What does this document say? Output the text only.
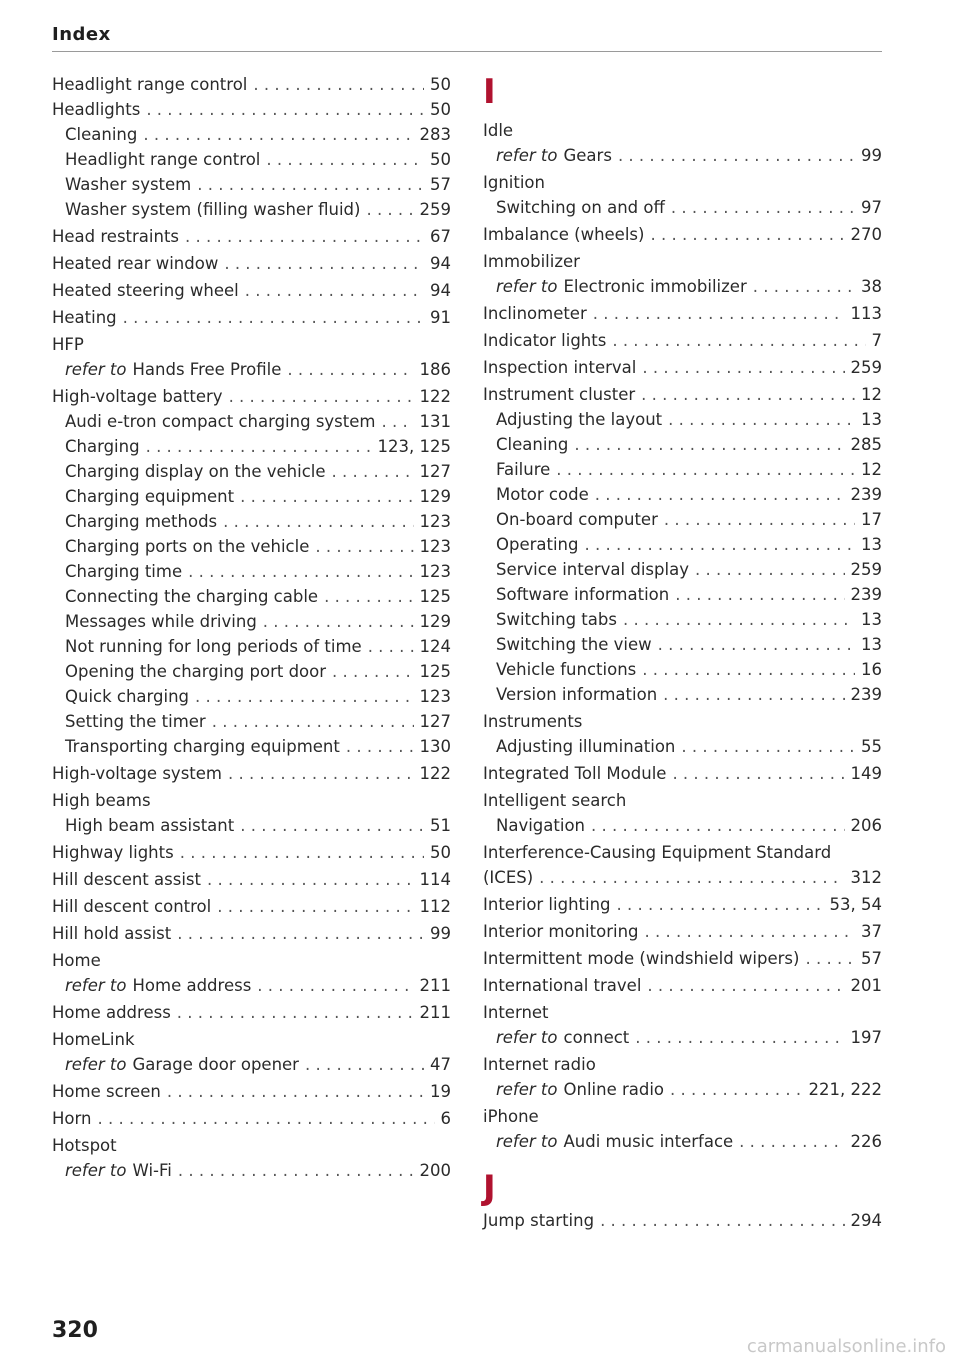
Index
Headlight range control . . .	50
Headlights . . .	50
Cleaning . . .	283
Headlight range control . . .	50
Washer system . . .	57
Washer system (filling washer fluid) . . .	259
Head restraints . . .	67
Heated rear window . . .	94
Heated steering wheel . . .	94
Heating . . .	91
HFP
refer to Hands Free Profile . . .	186
High-voltage battery . . .	122
Audi e-tron compact charging system . . .	131
Charging . . .	123, 125
Charging display on the vehicle . . .	127
Charging equipment . . .	129
Charging methods . . .	123
Charging ports on the vehicle . . .	123
Charging time . . .	123
Connecting the charging cable . . .	125
Messages while driving . . .	129
Not running for long periods of time . . .	124
Opening the charging port door . . .	125
Quick charging . . .	123
Setting the timer . . .	127
Transporting charging equipment . . .	130
High-voltage system . . .	122
High beams
High beam assistant . . .	51
Highway lights . . .	50
Hill descent assist . . .	114
Hill descent control . . .	112
Hill hold assist . . .	99
Home
refer to Home address . . .	211
Home address . . .	211
HomeLink
refer to Garage door opener . . .	47
Home screen . . .	19
Horn . . .	6
Hotspot
refer to Wi-Fi . . .	200
I
Idle
refer to Gears . . .	99
Ignition
Switching on and off . . .	97
Imbalance (wheels) . . .	270
Immobilizer
refer to Electronic immobilizer . . .	38
Inclinometer . . .	113
Indicator lights . . .	7
Inspection interval . . .	259
Instrument cluster . . .	12
Adjusting the layout . . .	13
Cleaning . . .	285
Failure . . .	12
Motor code . . .	239
On-board computer . . .	17
Operating . . .	13
Service interval display . . .	259
Software information . . .	239
Switching tabs . . .	13
Switching the view . . .	13
Vehicle functions . . .	16
Version information . . .	239
Instruments
Adjusting illumination . . .	55
Integrated Toll Module . . .	149
Intelligent search
Navigation . . .	206
Interference-Causing Equipment Standard
(ICES) . . .	312
Interior lighting . . .	53, 54
Interior monitoring . . .	37
Intermittent mode (windshield wipers) . . .	57
International travel . . .	201
Internet
refer to connect . . .	197
Internet radio
refer to Online radio . . .	221, 222
iPhone
refer to Audi music interface . . .	226
J
Jump starting . . .	294
320
carmanualsonline.info
